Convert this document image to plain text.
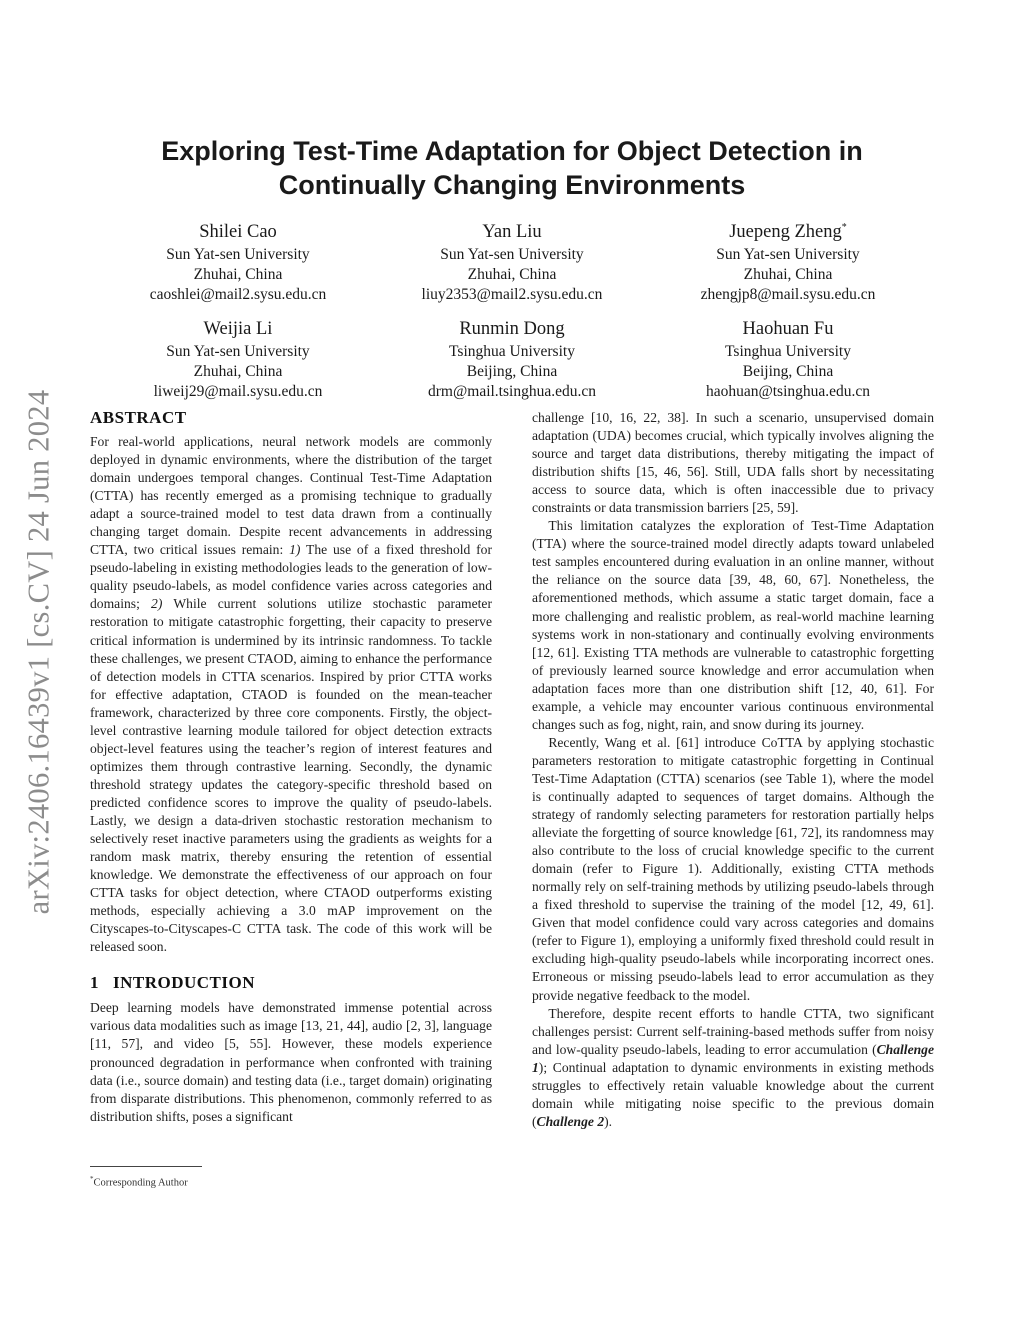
arXiv:2406.16439v1 [cs.CV] 24 Jun 2024
Exploring Test-Time Adaptation for Object Detection in
Continually Changing Environments
Shilei Cao
Sun Yat-sen University
Zhuhai, China
caoshlei@mail2.sysu.edu.cn
Yan Liu
Sun Yat-sen University
Zhuhai, China
liuy2353@mail2.sysu.edu.cn
Juepeng Zheng*
Sun Yat-sen University
Zhuhai, China
zhengjp8@mail.sysu.edu.cn
Weijia Li
Sun Yat-sen University
Zhuhai, China
liweij29@mail.sysu.edu.cn
Runmin Dong
Tsinghua University
Beijing, China
drm@mail.tsinghua.edu.cn
Haohuan Fu
Tsinghua University
Beijing, China
haohuan@tsinghua.edu.cn
ABSTRACT

For real-world applications, neural network models are commonly deployed in dynamic environments, where the distribution of the target domain undergoes temporal changes. Continual Test-Time Adaptation (CTTA) has recently emerged as a promising technique to gradually adapt a source-trained model to test data drawn from a continually changing target domain. Despite recent advancements in addressing CTTA, two critical issues remain: 1) The use of a fixed threshold for pseudo-labeling in existing methodologies leads to the generation of low-quality pseudo-labels, as model confidence varies across categories and domains; 2) While current solutions utilize stochastic parameter restoration to mitigate catastrophic forgetting, their capacity to preserve critical information is undermined by its intrinsic randomness. To tackle these challenges, we present CTAOD, aiming to enhance the performance of detection models in CTTA scenarios. Inspired by prior CTTA works for effective adaptation, CTAOD is founded on the mean-teacher framework, characterized by three core components. Firstly, the object-level contrastive learning module tailored for object detection extracts object-level features using the teacher’s region of interest features and optimizes them through contrastive learning. Secondly, the dynamic threshold strategy updates the category-specific threshold based on predicted confidence scores to improve the quality of pseudo-labels. Lastly, we design a data-driven stochastic restoration mechanism to selectively reset inactive parameters using the gradients as weights for a random mask matrix, thereby ensuring the retention of essential knowledge. We demonstrate the effectiveness of our approach on four CTTA tasks for object detection, where CTAOD outperforms existing methods, especially achieving a 3.0 mAP improvement on the Cityscapes-to-Cityscapes-C CTTA task. The code of this work will be released soon.

1 INTRODUCTION

Deep learning models have demonstrated immense potential across various data modalities such as image [13, 21, 44], audio [2, 3], language [11, 57], and video [5, 55]. However, these models experience pronounced degradation in performance when confronted with training data (i.e., source domain) and testing data (i.e., target domain) originating from disparate distributions. This phenomenon, commonly referred to as distribution shifts, poses a significant

challenge [10, 16, 22, 38]. In such a scenario, unsupervised domain adaptation (UDA) becomes crucial, which typically involves aligning the source and target data distributions, thereby mitigating the impact of distribution shifts [15, 46, 56]. Still, UDA falls short by necessitating access to source data, which is often inaccessible due to privacy constraints or data transmission barriers [25, 59].

This limitation catalyzes the exploration of Test-Time Adaptation (TTA) where the source-trained model directly adapts toward unlabeled test samples encountered during evaluation in an online manner, without the reliance on the source data [39, 48, 60, 67]. Nonetheless, the aforementioned methods, which assume a static target domain, face a more challenging and realistic problem, as real-world machine learning systems work in non-stationary and continually evolving environments [12, 61]. Existing TTA methods are vulnerable to catastrophic forgetting of previously learned source knowledge and error accumulation when adaptation faces more than one distribution shift [12, 40, 61]. For example, a vehicle may encounter various continuous environmental changes such as fog, night, rain, and snow during its journey.

Recently, Wang et al. [61] introduce CoTTA by applying stochastic parameters restoration to mitigate catastrophic forgetting in Continual Test-Time Adaptation (CTTA) scenarios (see Table 1), where the model is continually adapted to sequences of target domains. Although the strategy of randomly selecting parameters for restoration partially helps alleviate the forgetting of source knowledge [61, 72], its randomness may also contribute to the loss of crucial knowledge specific to the current domain (refer to Figure 1). Additionally, existing CTTA methods normally rely on self-training methods by utilizing pseudo-labels through a fixed threshold to supervise the training of the model [12, 49, 61]. Given that model confidence could vary across categories and domains (refer to Figure 1), employing a uniformly fixed threshold could result in excluding high-quality pseudo-labels while incorporating incorrect ones. Erroneous or missing pseudo-labels lead to error accumulation as they provide negative feedback to the model.

Therefore, despite recent efforts to handle CTTA, two significant challenges persist: Current self-training-based methods suffer from noisy and low-quality pseudo-labels, leading to error accumulation (Challenge 1); Continual adaptation to dynamic environments in existing methods struggles to effectively retain valuable knowledge about the current domain while mitigating noise specific to the previous domain (Challenge 2).

*Corresponding Author
